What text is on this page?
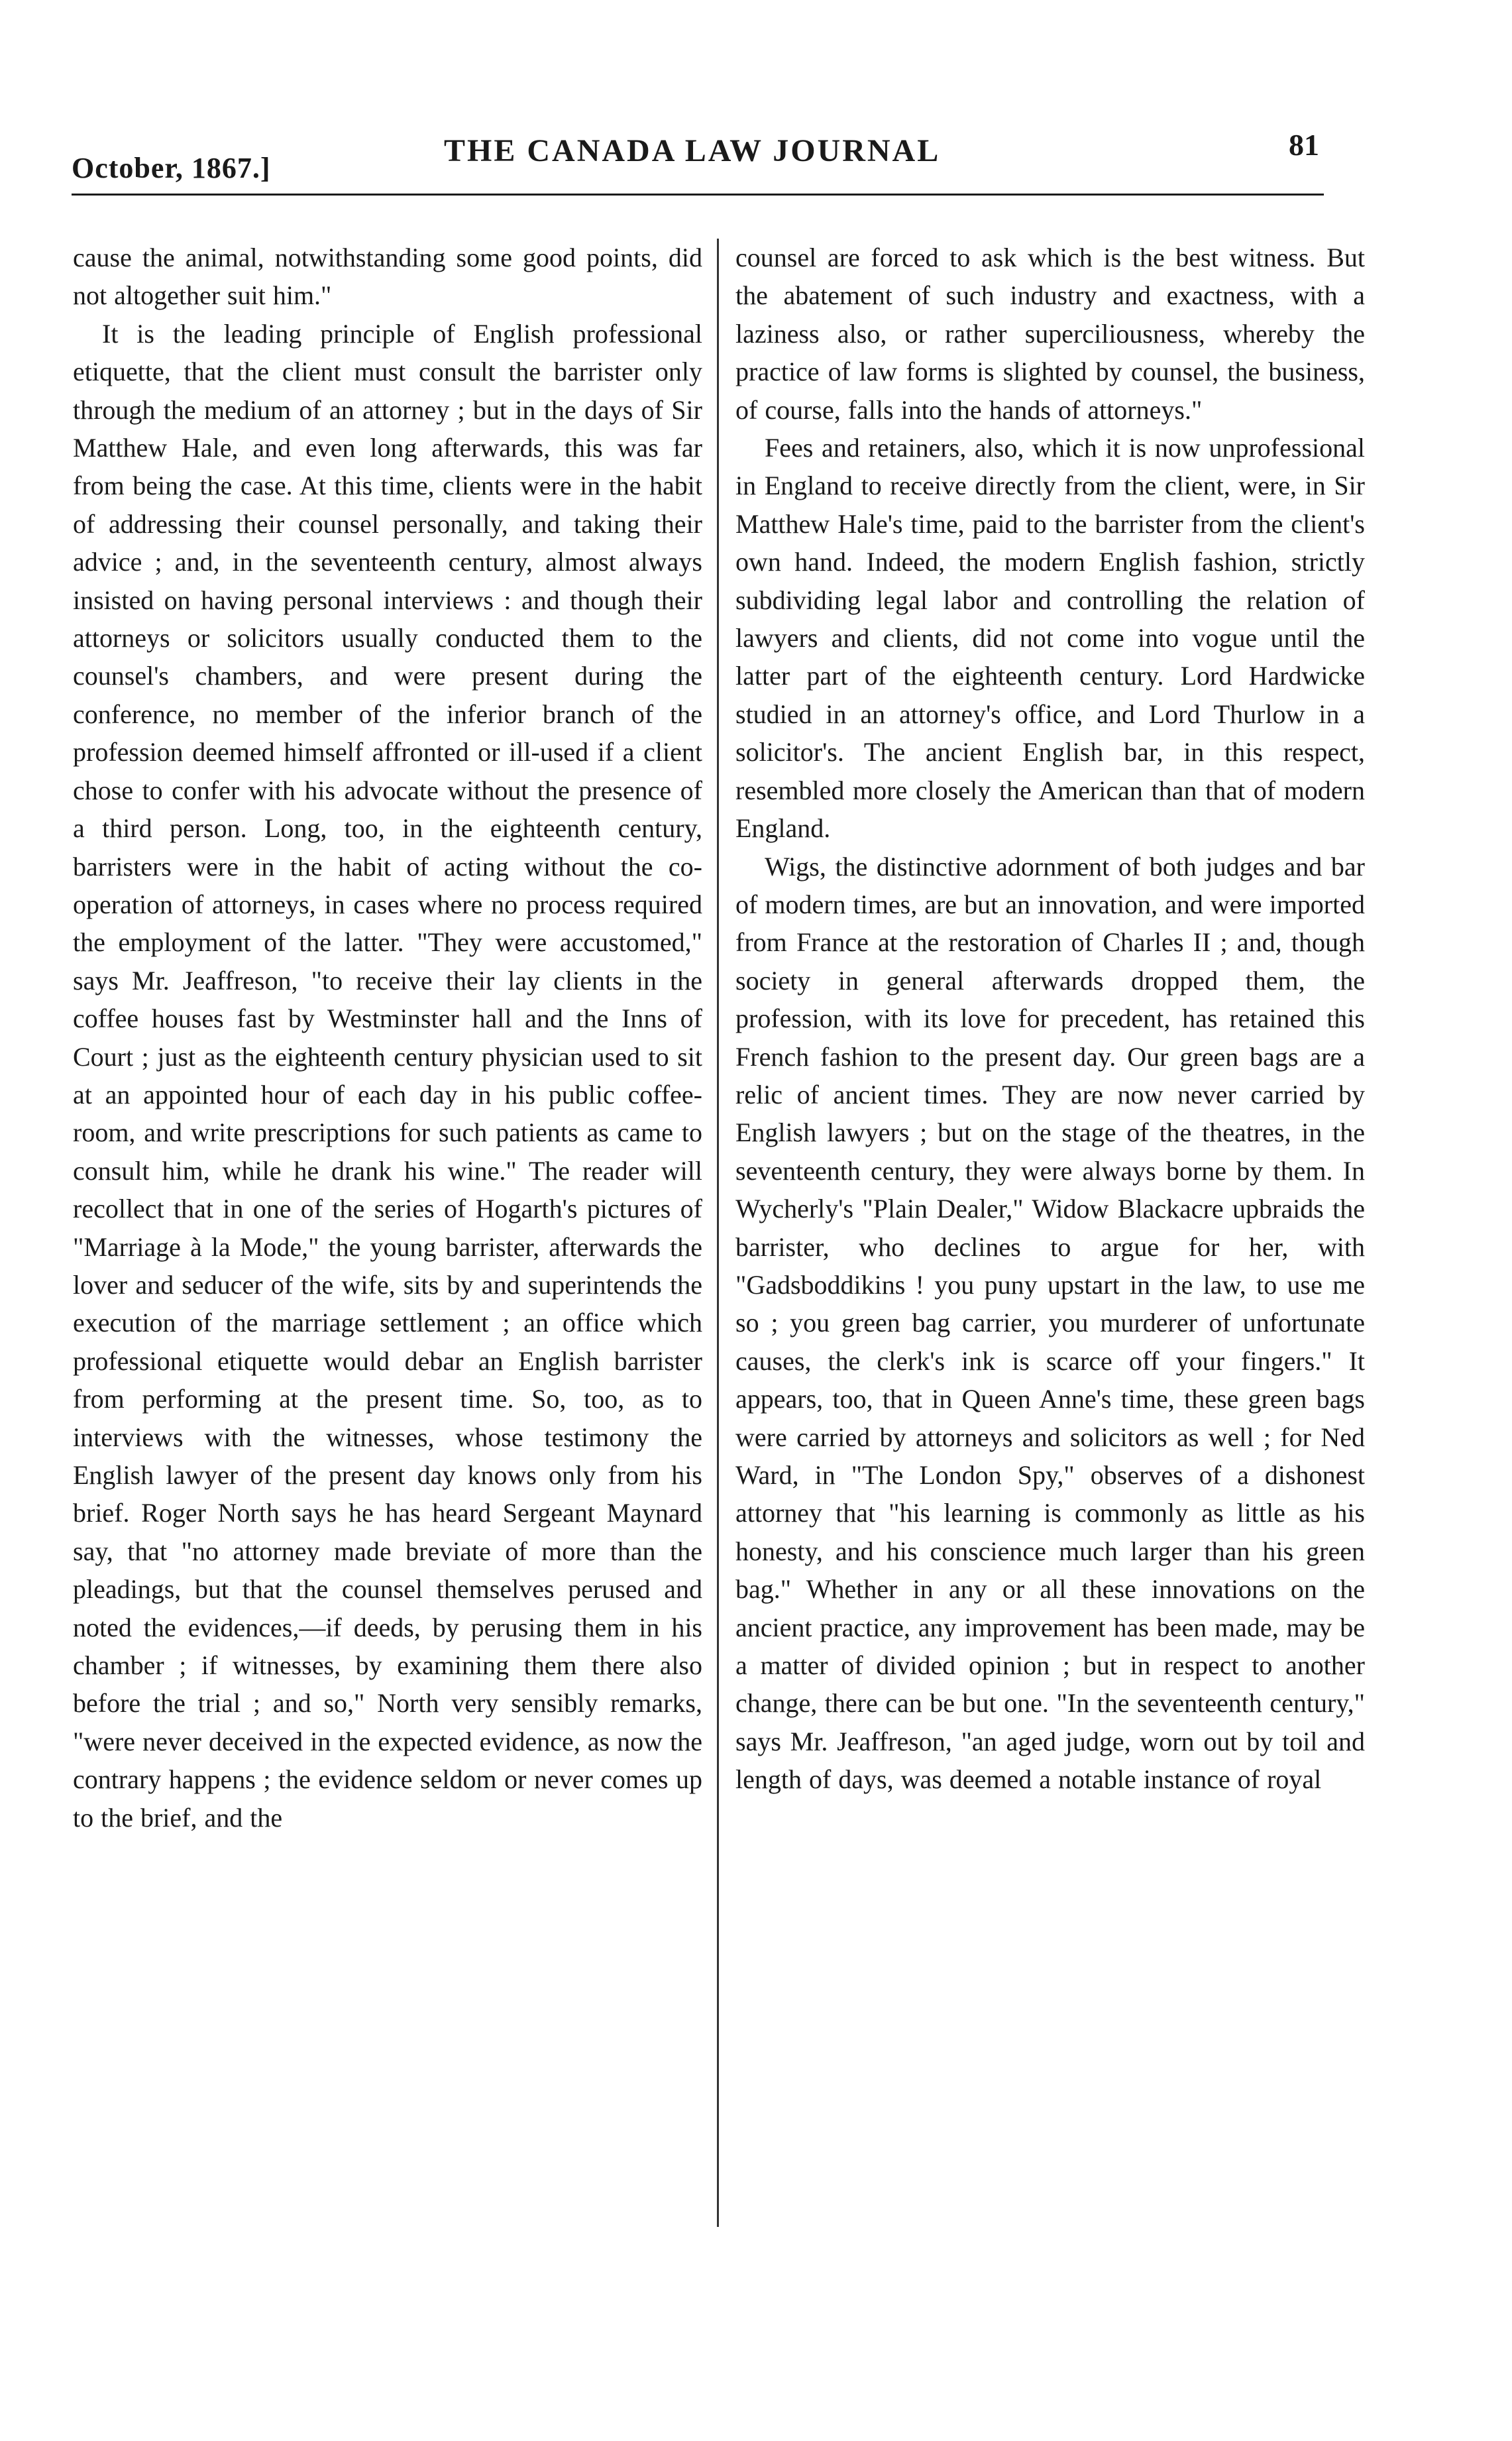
October, 1867.]	THE CANADA LAW JOURNAL	81

cause the animal, notwithstanding some good points, did not altogether suit him."

It is the leading principle of English professional etiquette, that the client must consult the barrister only through the medium of an attorney ; but in the days of Sir Matthew Hale, and even long afterwards, this was far from being the case. At this time, clients were in the habit of addressing their counsel personally, and taking their advice ; and, in the seventeenth century, almost always insisted on having personal interviews : and though their attorneys or solicitors usually conducted them to the counsel's chambers, and were present during the conference, no member of the inferior branch of the profession deemed himself affronted or ill-used if a client chose to confer with his advocate without the presence of a third person. Long, too, in the eighteenth century, barristers were in the habit of acting without the co-operation of attorneys, in cases where no process required the employment of the latter. "They were accustomed," says Mr. Jeaffreson, "to receive their lay clients in the coffee houses fast by Westminster hall and the Inns of Court ; just as the eighteenth century physician used to sit at an appointed hour of each day in his public coffee-room, and write prescriptions for such patients as came to consult him, while he drank his wine." The reader will recollect that in one of the series of Hogarth's pictures of "Marriage à la Mode," the young barrister, afterwards the lover and seducer of the wife, sits by and superintends the execution of the marriage settlement ; an office which professional etiquette would debar an English barrister from performing at the present time. So, too, as to interviews with the witnesses, whose testimony the English lawyer of the present day knows only from his brief. Roger North says he has heard Sergeant Maynard say, that "no attorney made breviate of more than the pleadings, but that the counsel themselves perused and noted the evidences,—if deeds, by perusing them in his chamber ; if witnesses, by examining them there also before the trial ; and so," North very sensibly remarks, "were never deceived in the expected evidence, as now the contrary happens ; the evidence seldom or never comes up to the brief, and the

counsel are forced to ask which is the best witness. But the abatement of such industry and exactness, with a laziness also, or rather superciliousness, whereby the practice of law forms is slighted by counsel, the business, of course, falls into the hands of attorneys."

Fees and retainers, also, which it is now unprofessional in England to receive directly from the client, were, in Sir Matthew Hale's time, paid to the barrister from the client's own hand. Indeed, the modern English fashion, strictly subdividing legal labor and controlling the relation of lawyers and clients, did not come into vogue until the latter part of the eighteenth century. Lord Hardwicke studied in an attorney's office, and Lord Thurlow in a solicitor's. The ancient English bar, in this respect, resembled more closely the American than that of modern England.

Wigs, the distinctive adornment of both judges and bar of modern times, are but an innovation, and were imported from France at the restoration of Charles II ; and, though society in general afterwards dropped them, the profession, with its love for precedent, has retained this French fashion to the present day. Our green bags are a relic of ancient times. They are now never carried by English lawyers ; but on the stage of the theatres, in the seventeenth century, they were always borne by them. In Wycherly's "Plain Dealer," Widow Blackacre upbraids the barrister, who declines to argue for her, with "Gadsboddikins ! you puny upstart in the law, to use me so ; you green bag carrier, you murderer of unfortunate causes, the clerk's ink is scarce off your fingers." It appears, too, that in Queen Anne's time, these green bags were carried by attorneys and solicitors as well ; for Ned Ward, in "The London Spy," observes of a dishonest attorney that "his learning is commonly as little as his honesty, and his conscience much larger than his green bag." Whether in any or all these innovations on the ancient practice, any improvement has been made, may be a matter of divided opinion ; but in respect to another change, there can be but one. "In the seventeenth century," says Mr. Jeaffreson, "an aged judge, worn out by toil and length of days, was deemed a notable instance of royal
